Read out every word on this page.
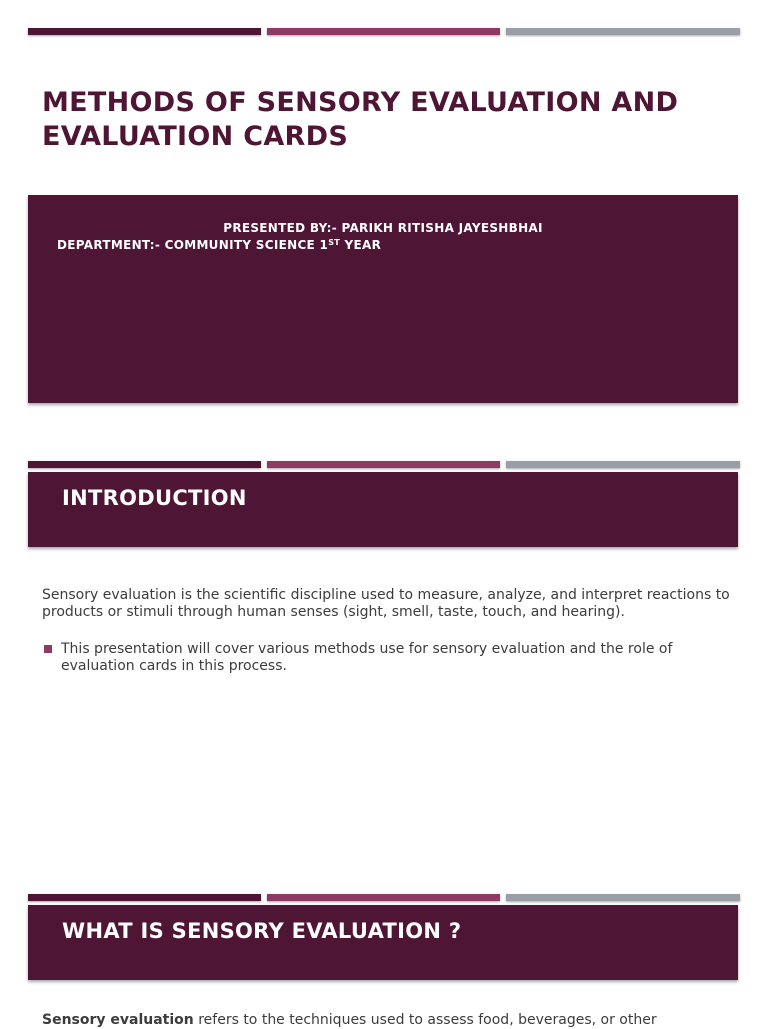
METHODS OF SENSORY EVALUATION AND EVALUATION CARDS
PRESENTED BY:- PARIKH RITISHA JAYESHBHAI
DEPARTMENT:- COMMUNITY SCIENCE 1ST YEAR
INTRODUCTION

Sensory evaluation is the scientific discipline used to measure, analyze, and interpret reactions to products or stimuli through human senses (sight, smell, taste, touch, and hearing).

This presentation will cover various methods use for sensory evaluation and the role of evaluation cards in this process.

WHAT IS SENSORY EVALUATION ?

Sensory evaluation refers to the techniques used to assess food, beverages, or other
